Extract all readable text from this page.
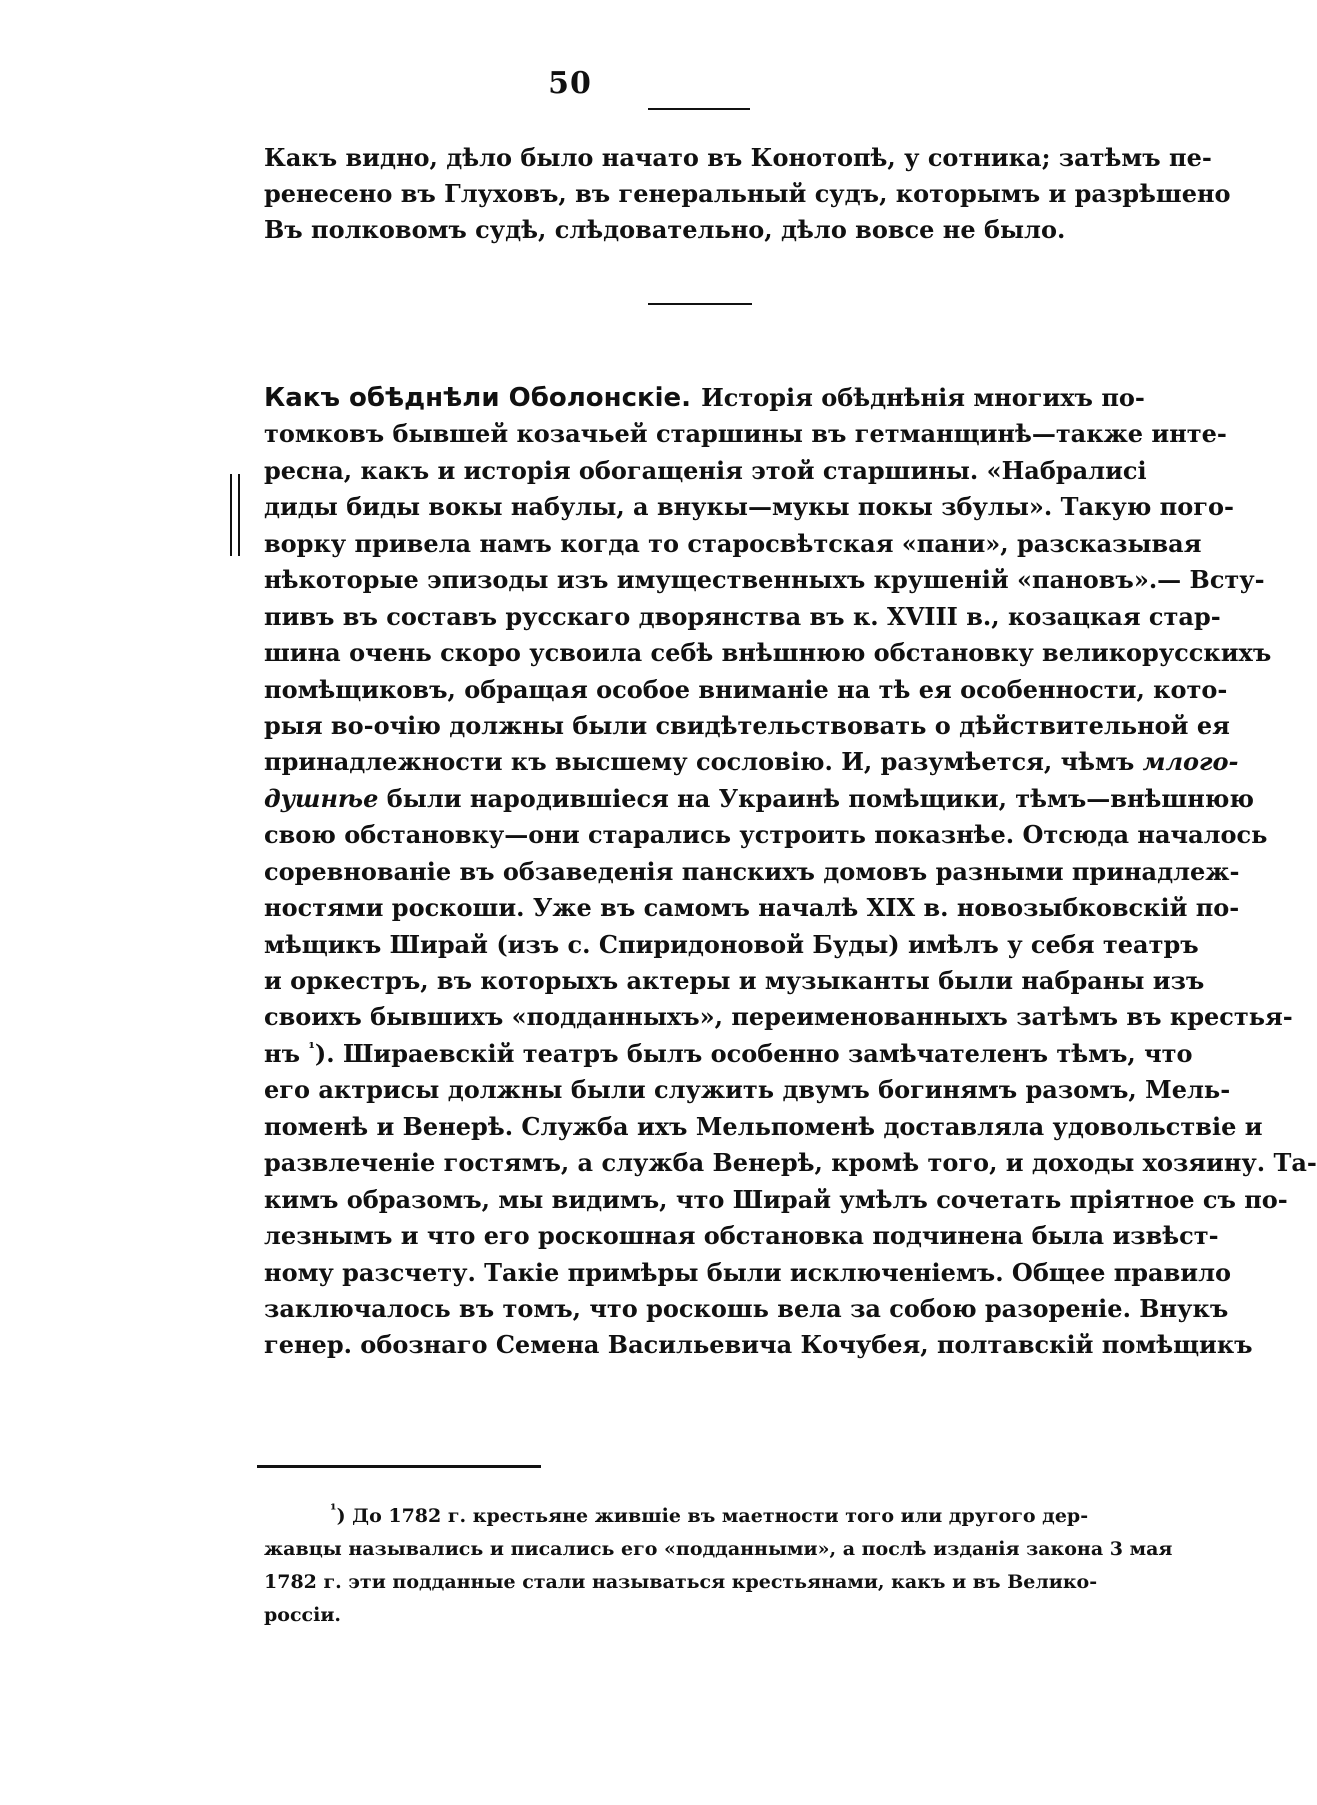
50
Какъ видно, дѣло было начато въ Конотопѣ, у сотника; затѣмъ пе-
ренесено въ Глуховъ, въ генеральный судъ, которымъ и разрѣшено
Въ полковомъ судѣ, слѣдовательно, дѣло вовсе не было.
Какъ обѣднѣли Оболонскіе. Исторія обѣднѣнія многихъ по-
томковъ бывшей козачьей старшины въ гетманщинѣ—также инте-
ресна, какъ и исторія обогащенія этой старшины. «Набралисі
диды биды вокы набулы, а внукы—мукы покы збулы». Такую пого-
ворку привела намъ когда то старосвѣтская «пани», разсказывая
нѣкоторые эпизоды изъ имущественныхъ крушеній «пановъ».— Всту-
пивъ въ составъ русскаго дворянства въ к. XVIII в., козацкая стар-
шина очень скоро усвоила себѣ внѣшнюю обстановку великорусскихъ
помѣщиковъ, обращая особое вниманіе на тѣ ея особенности, кото-
рыя во-очію должны были свидѣтельствовать о дѣйствительной ея
принадлежности къ высшему сословію. И, разумѣется, чѣмъ млого-
душнѣе были народившіеся на Украинѣ помѣщики, тѣмъ—внѣшнюю
свою обстановку—они старались устроить показнѣе. Отсюда началось
соревнованіе въ обзаведенія панскихъ домовъ разными принадлеж-
ностями роскоши. Уже въ самомъ началѣ XIX в. новозыбковскій по-
мѣщикъ Ширай (изъ с. Спиридоновой Буды) имѣлъ у себя театръ
и оркестръ, въ которыхъ актеры и музыканты были набраны изъ
своихъ бывшихъ «подданныхъ», переименованныхъ затѣмъ въ крестья-
нъ $^{^1}$). Шираевскій театръ былъ особенно замѣчателенъ тѣмъ, что
его актрисы должны были служить двумъ богинямъ разомъ, Мель-
поменѣ и Венерѣ. Служба ихъ Мельпоменѣ доставляла удовольствіе и
развлеченіе гостямъ, а служба Венерѣ, кромѣ того, и доходы хозяину. Та-
кимъ образомъ, мы видимъ, что Ширай умѣлъ сочетать пріятное съ по-
лезнымъ и что его роскошная обстановка подчинена была извѣст-
ному разсчету. Такіе примѣры были исключеніемъ. Общее правило
заключалось въ томъ, что роскошь вела за собою разореніе. Внукъ
генер. обознаго Семена Васильевича Кочубея, полтавскій помѣщикъ
$^{^1}$) До 1782 г. крестьяне жившіе въ маетности того или другого дер-
жавцы назывались и писались его «подданными», а послѣ изданія закона 3 мая
1782 г. эти подданные стали называться крестьянами, какъ и въ Велико-
россіи.
